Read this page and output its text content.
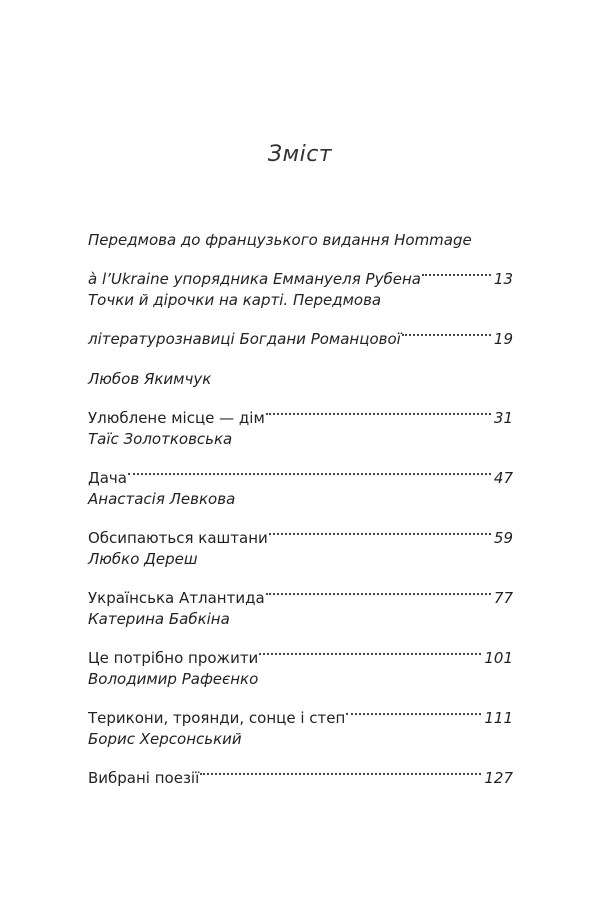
Зміст
Передмова до французького видання Hommage
à l’Ukraine упорядника Еммануеля Рубена	13
Точки й дірочки на карті. Передмова
літературознавиці Богдани Романцової	19
Любов Якимчук
Улюблене місце — дім	31
Таїс Золотковська
Дача	47
Анастасія Левкова
Обсипаються каштани	59
Любко Дереш
Українська Атлантида	77
Катерина Бабкіна
Це потрібно прожити	101
Володимир Рафеєнко
Терикони, троянди, сонце і степ	111
Борис Херсонський
Вибрані поезії	127
